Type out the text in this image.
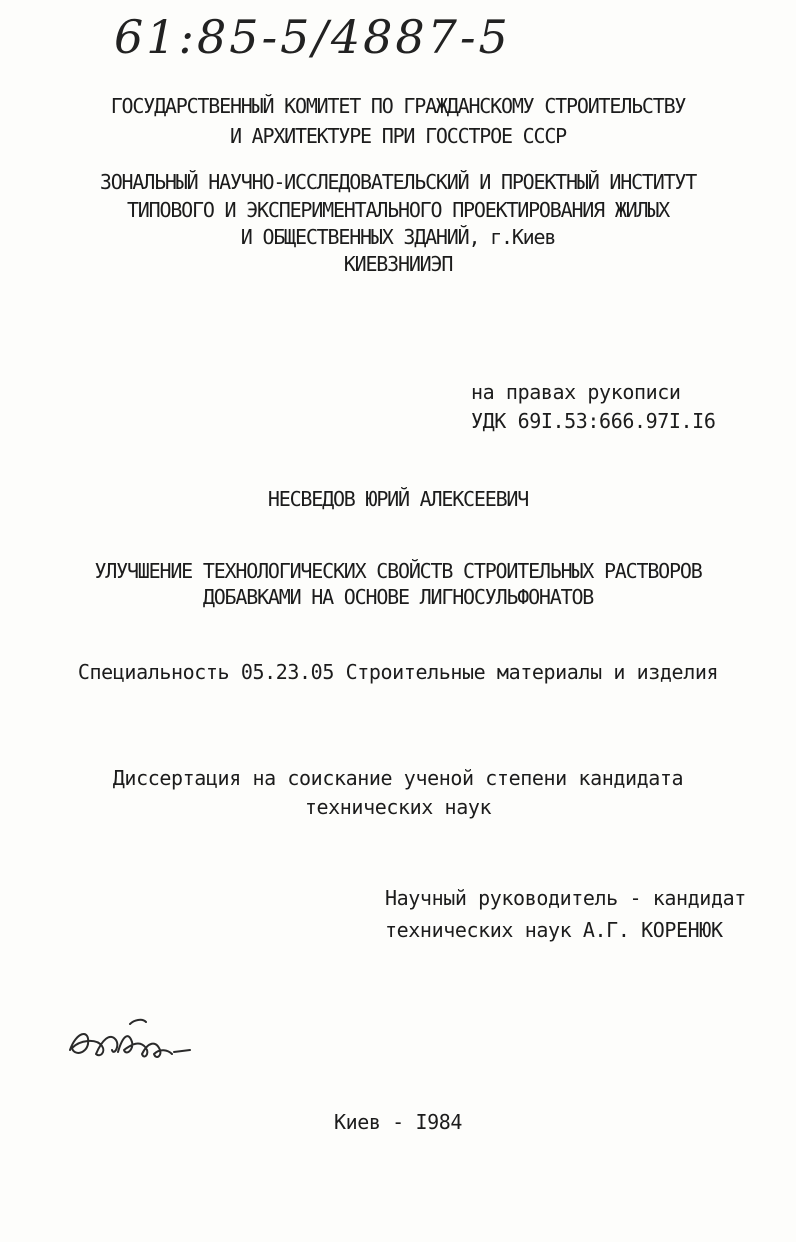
61:85-5/4887-5
ГОСУДАРСТВЕННЫЙ КОМИТЕТ ПО ГРАЖДАНСКОМУ СТРОИТЕЛЬСТВУ
И АРХИТЕКТУРЕ ПРИ ГОССТРОЕ СССР
ЗОНАЛЬНЫЙ НАУЧНО-ИССЛЕДОВАТЕЛЬСКИЙ И ПРОЕКТНЫЙ ИНСТИТУТ
ТИПОВОГО И ЭКСПЕРИМЕНТАЛЬНОГО ПРОЕКТИРОВАНИЯ ЖИЛЫХ
И ОБЩЕСТВЕННЫХ ЗДАНИЙ, г.Киев
КИЕВЗНИИЭП
на правах рукописи
УДК 69I.53:666.97I.I6
НЕСВЕДОВ ЮРИЙ АЛЕКСЕЕВИЧ
УЛУЧШЕНИЕ ТЕХНОЛОГИЧЕСКИХ СВОЙСТВ СТРОИТЕЛЬНЫХ РАСТВОРОВ
ДОБАВКАМИ НА ОСНОВЕ ЛИГНОСУЛЬФОНАТОВ
Специальность 05.23.05 Строительные материалы и изделия
Диссертация на соискание ученой степени кандидата
технических наук
Научный руководитель - кандидат
технических наук А.Г. КОРЕНЮК
Киев - I984
